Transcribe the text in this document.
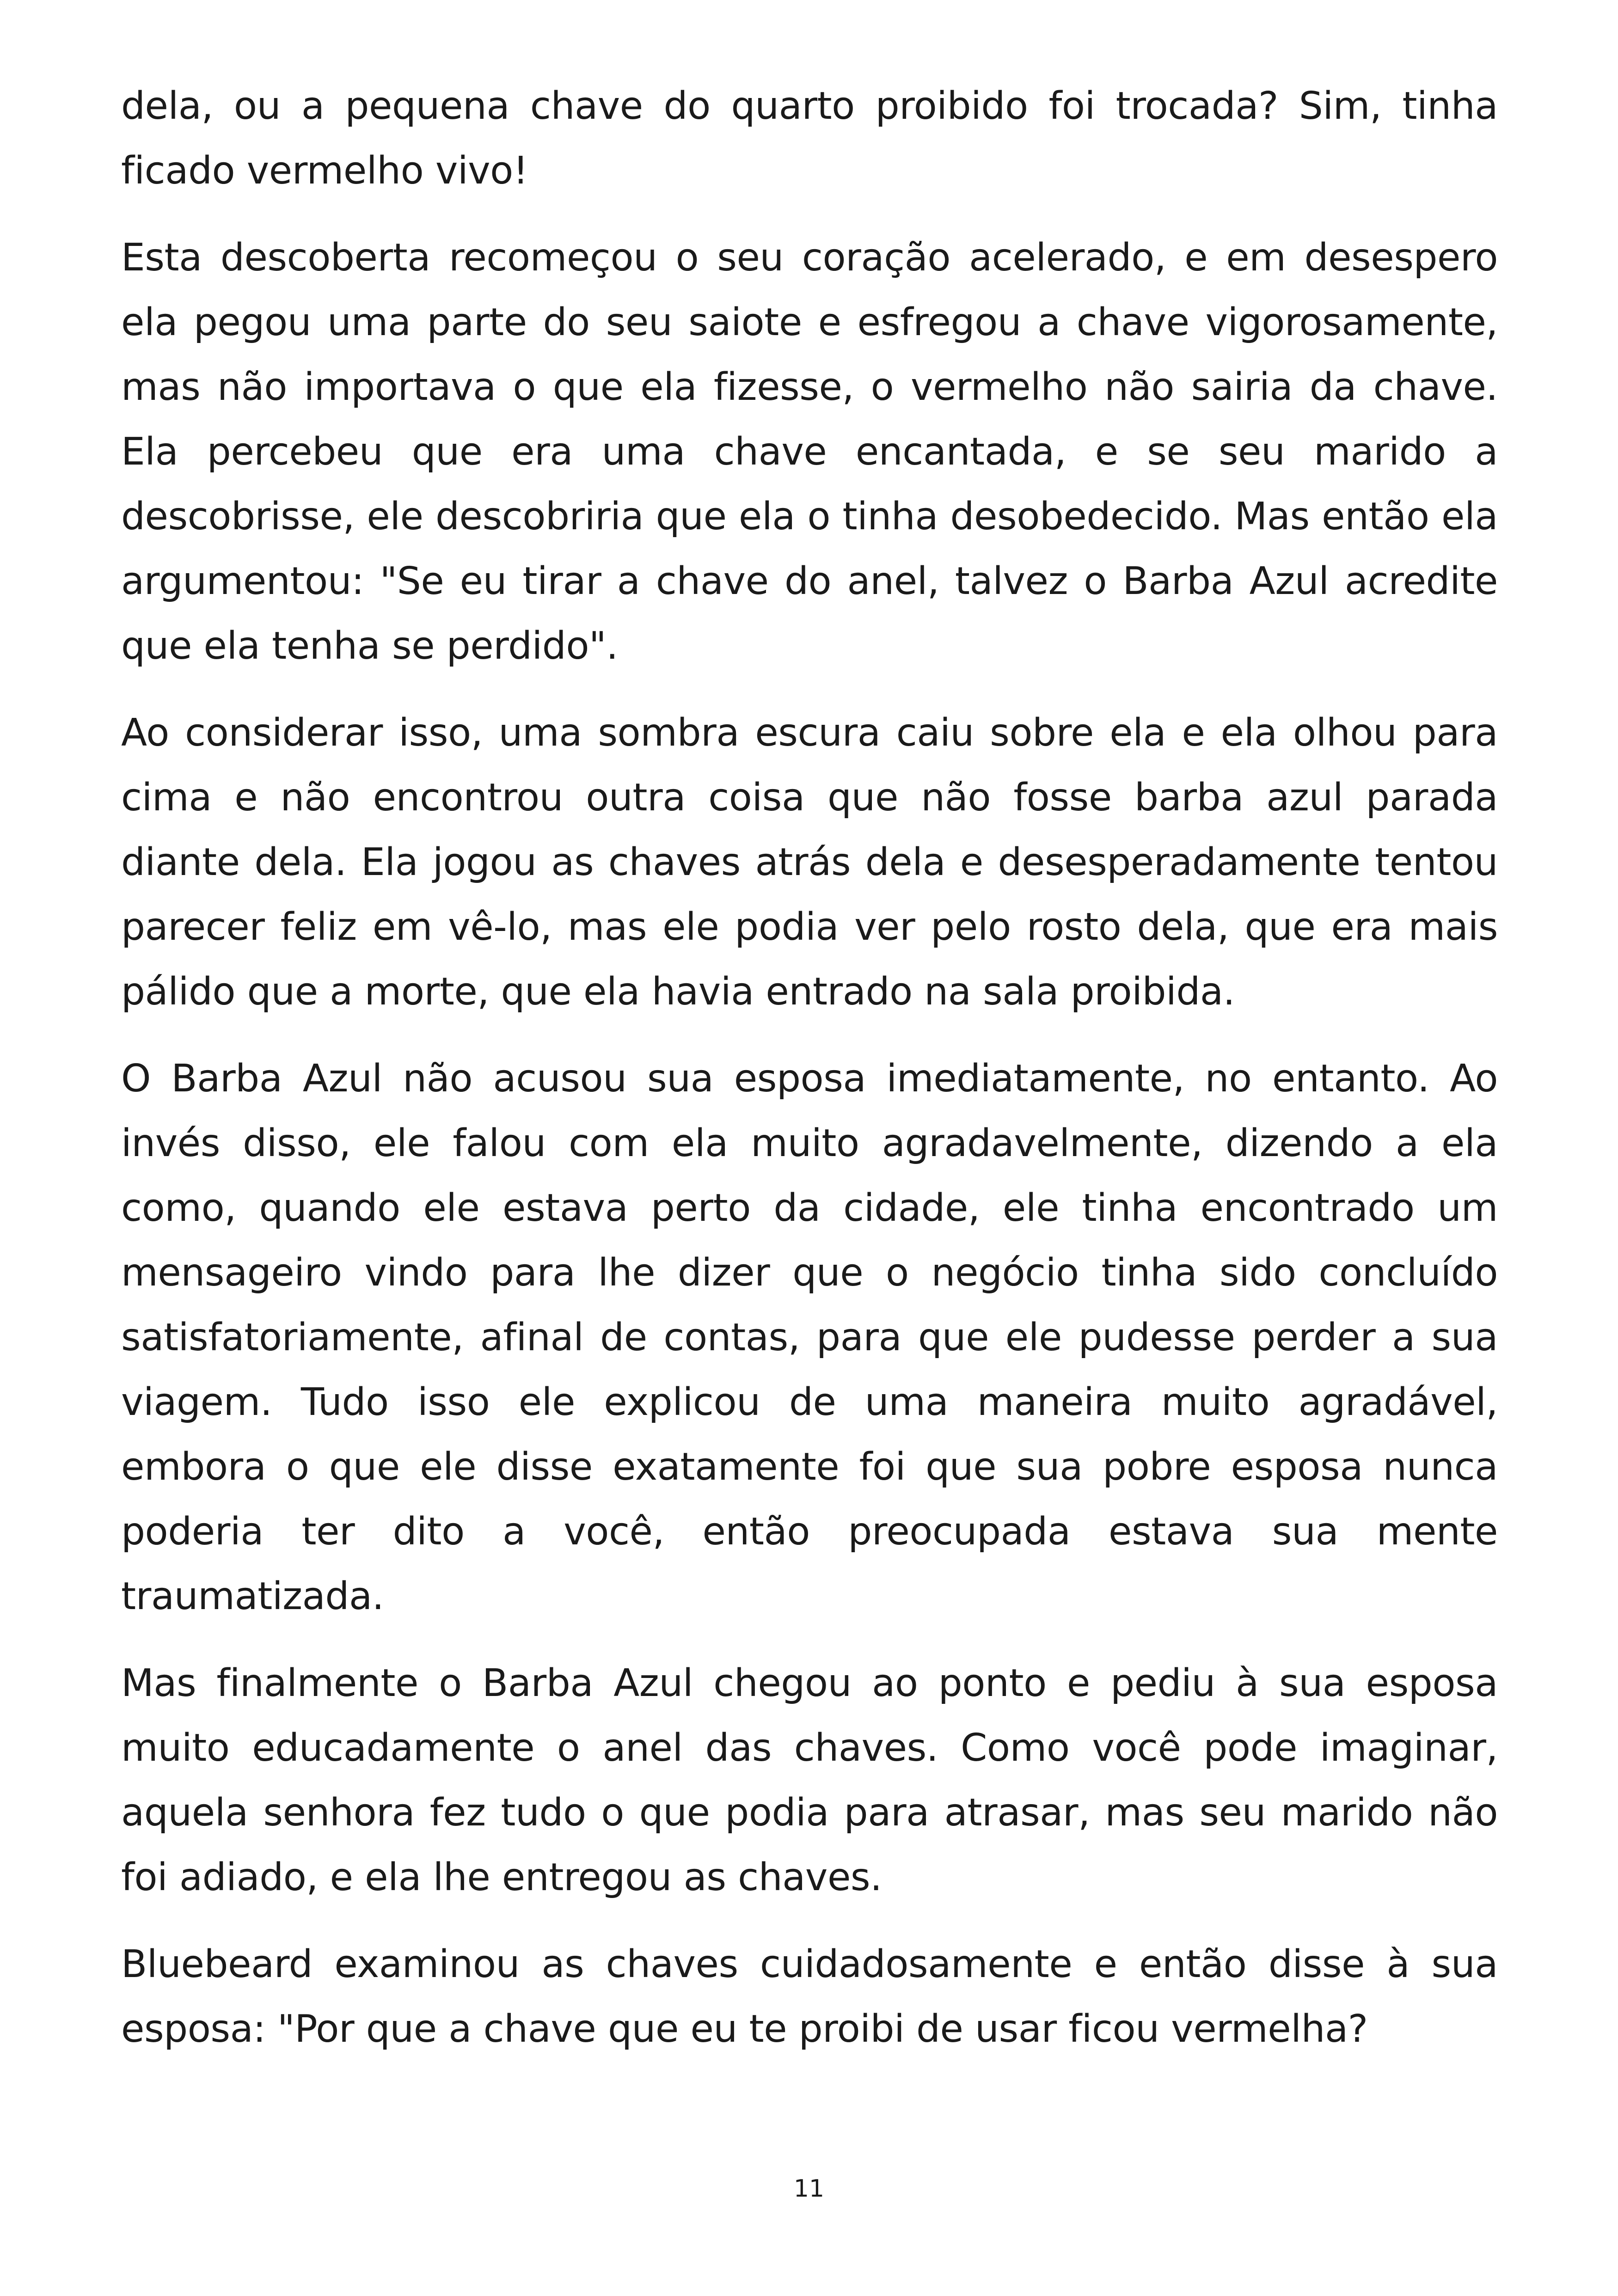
dela, ou a pequena chave do quarto proibido foi trocada? Sim, tinha ficado vermelho vivo!

Esta descoberta recomeçou o seu coração acelerado, e em desespero ela pegou uma parte do seu saiote e esfregou a chave vigorosamente, mas não importava o que ela fizesse, o vermelho não sairia da chave. Ela percebeu que era uma chave encantada, e se seu marido a descobrisse, ele descobriria que ela o tinha desobedecido. Mas então ela argumentou: "Se eu tirar a chave do anel, talvez o Barba Azul acredite que ela tenha se perdido".

Ao considerar isso, uma sombra escura caiu sobre ela e ela olhou para cima e não encontrou outra coisa que não fosse barba azul parada diante dela. Ela jogou as chaves atrás dela e desesperadamente tentou parecer feliz em vê-lo, mas ele podia ver pelo rosto dela, que era mais pálido que a morte, que ela havia entrado na sala proibida.

O Barba Azul não acusou sua esposa imediatamente, no entanto. Ao invés disso, ele falou com ela muito agradavelmente, dizendo a ela como, quando ele estava perto da cidade, ele tinha encontrado um mensageiro vindo para lhe dizer que o negócio tinha sido concluído satisfatoriamente, afinal de contas, para que ele pudesse perder a sua viagem. Tudo isso ele explicou de uma maneira muito agradável, embora o que ele disse exatamente foi que sua pobre esposa nunca poderia ter dito a você, então preocupada estava sua mente traumatizada.

Mas finalmente o Barba Azul chegou ao ponto e pediu à sua esposa muito educadamente o anel das chaves. Como você pode imaginar, aquela senhora fez tudo o que podia para atrasar, mas seu marido não foi adiado, e ela lhe entregou as chaves.

Bluebeard examinou as chaves cuidadosamente e então disse à sua esposa: "Por que a chave que eu te proibi de usar ficou vermelha?

11
